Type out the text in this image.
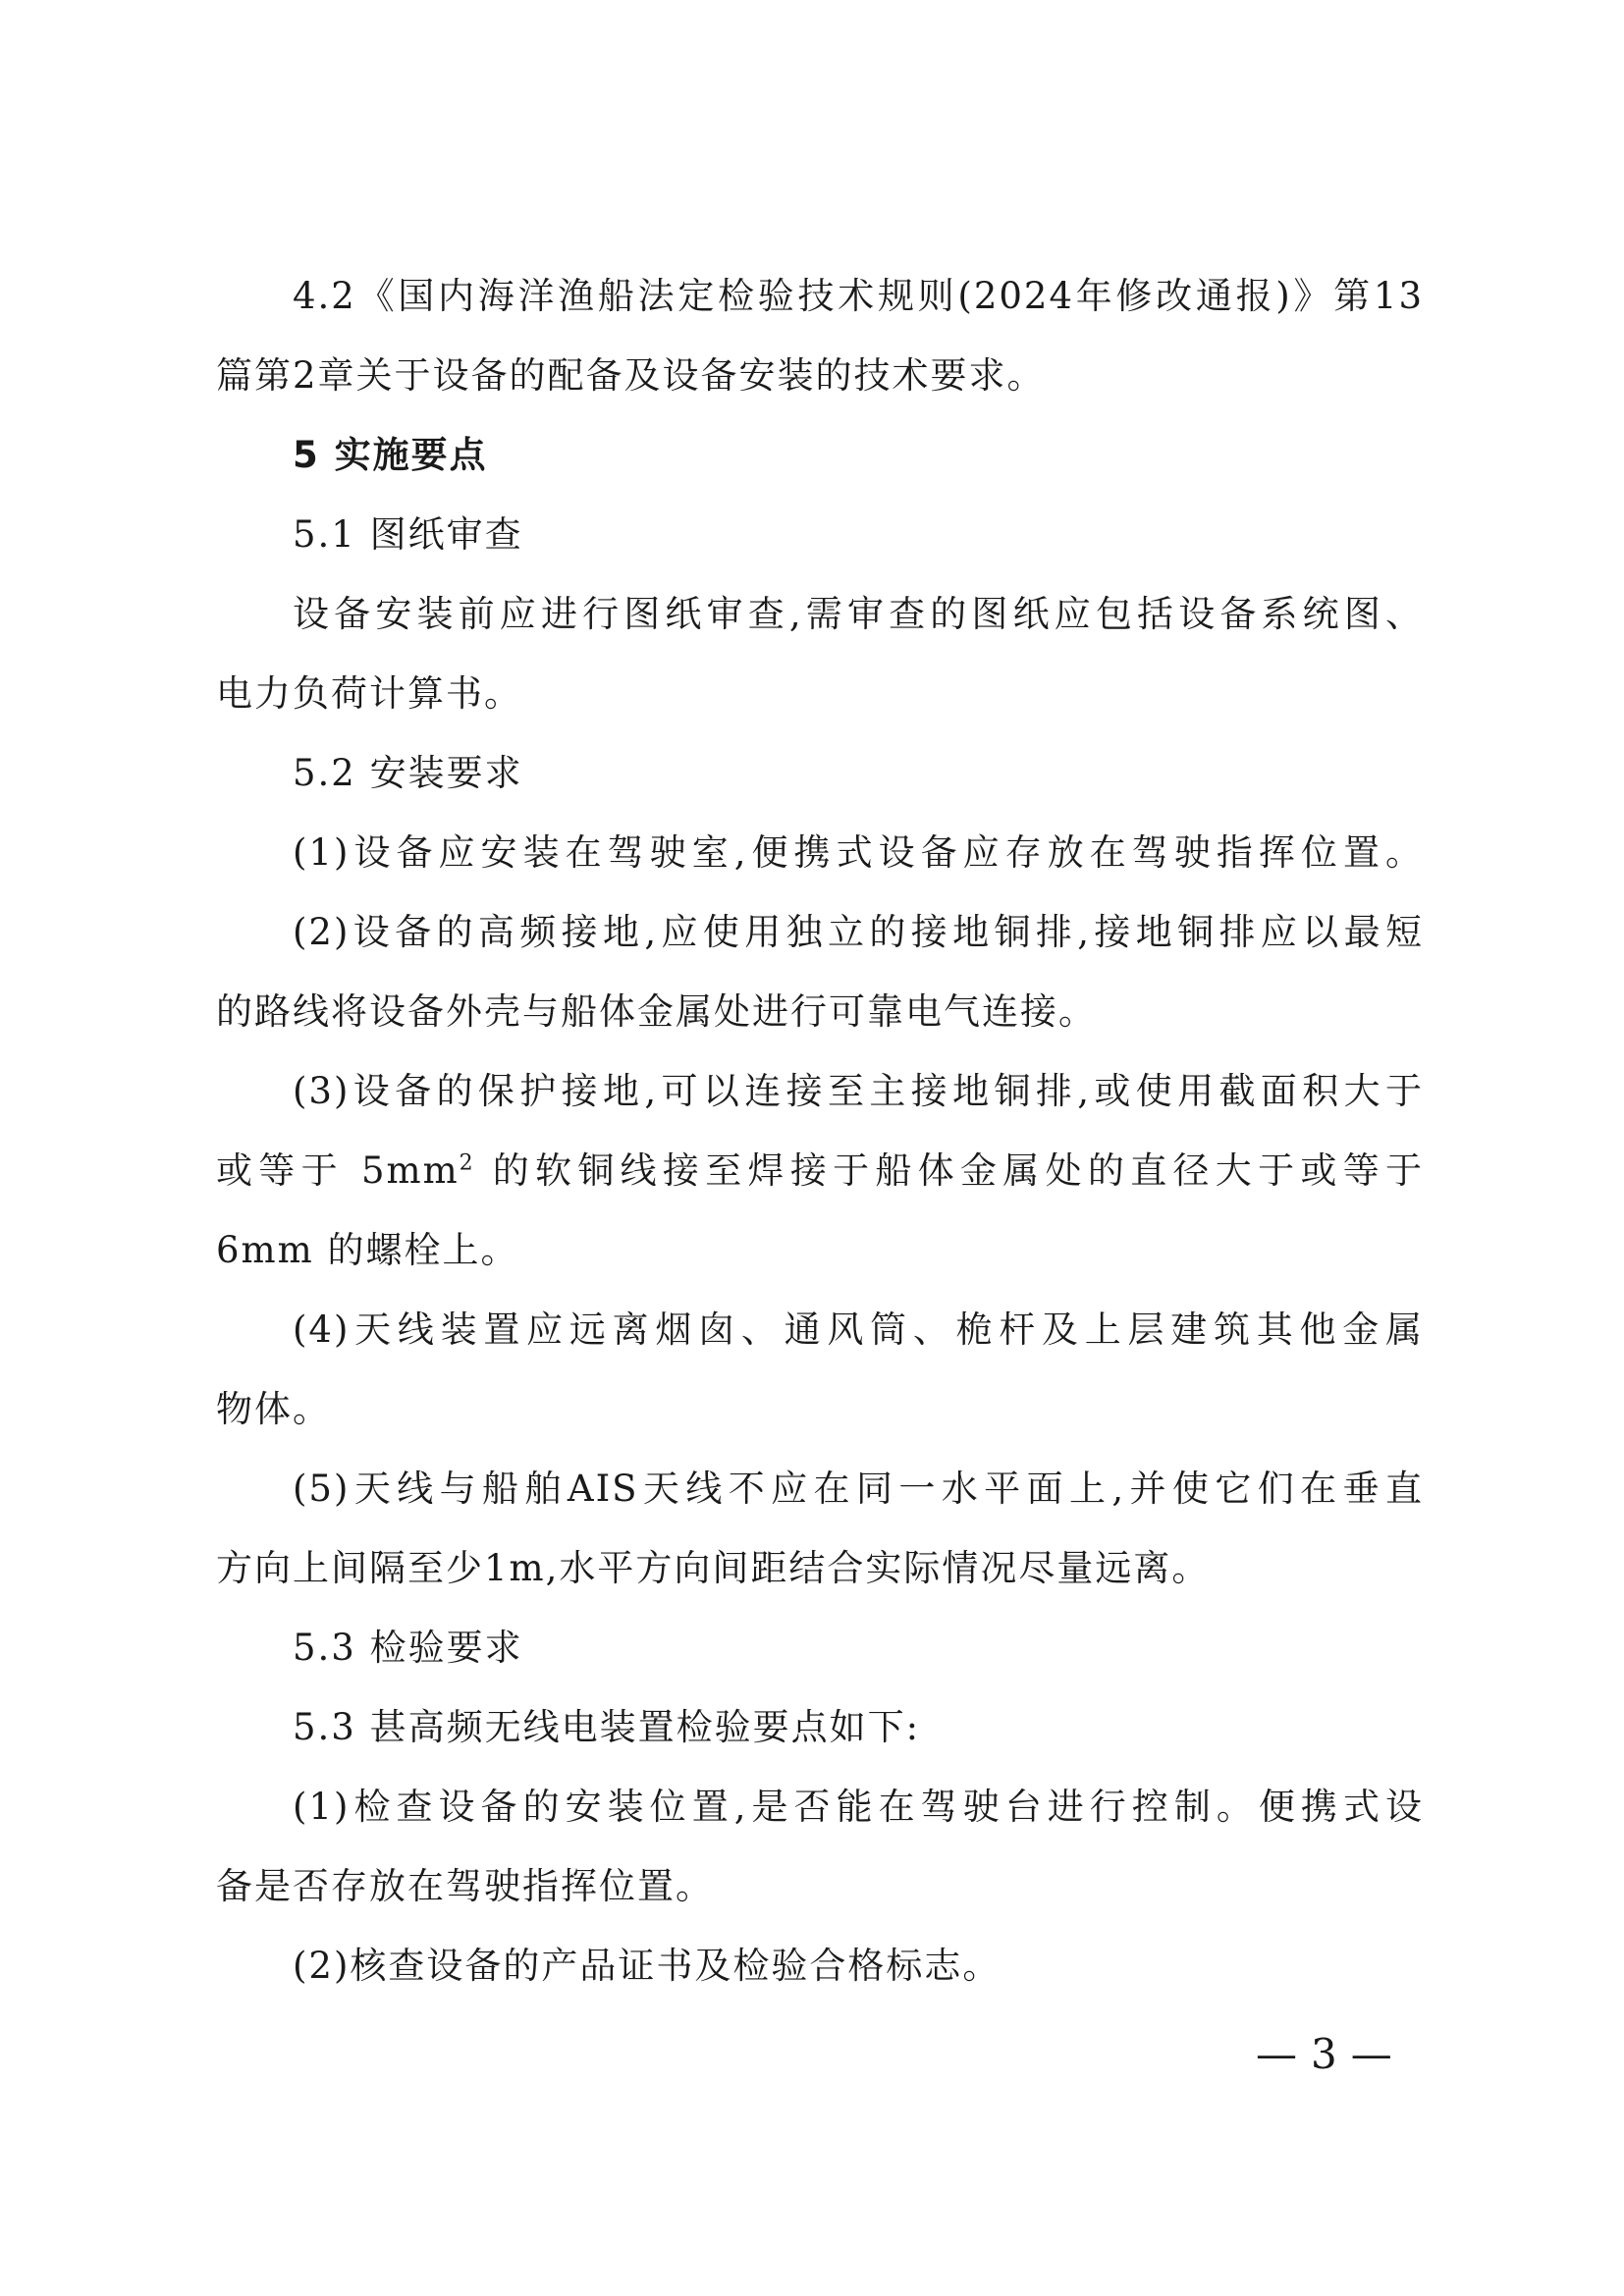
4.2《国内海洋渔船法定检验技术规则(2024年修改通报)》第13
篇第2章关于设备的配备及设备安装的技术要求。
5 实施要点
5.1 图纸审查
设备安装前应进行图纸审查,需审查的图纸应包括设备系统图、
电力负荷计算书。
5.2 安装要求
(1)设备应安装在驾驶室,便携式设备应存放在驾驶指挥位置。
(2)设备的高频接地,应使用独立的接地铜排,接地铜排应以最短
的路线将设备外壳与船体金属处进行可靠电气连接。
(3)设备的保护接地,可以连接至主接地铜排,或使用截面积大于
或等于 $5mm^2$ 的软铜线接至焊接于船体金属处的直径大于或等于
6mm 的螺栓上。
(4)天线装置应远离烟囱、通风筒、桅杆及上层建筑其他金属
物体。
(5)天线与船舶AIS天线不应在同一水平面上,并使它们在垂直
方向上间隔至少1m,水平方向间距结合实际情况尽量远离。
5.3 检验要求
5.3 甚高频无线电装置检验要点如下:
(1)检查设备的安装位置,是否能在驾驶台进行控制。便携式设
备是否存放在驾驶指挥位置。
(2)核查设备的产品证书及检验合格标志。
— 3 —
